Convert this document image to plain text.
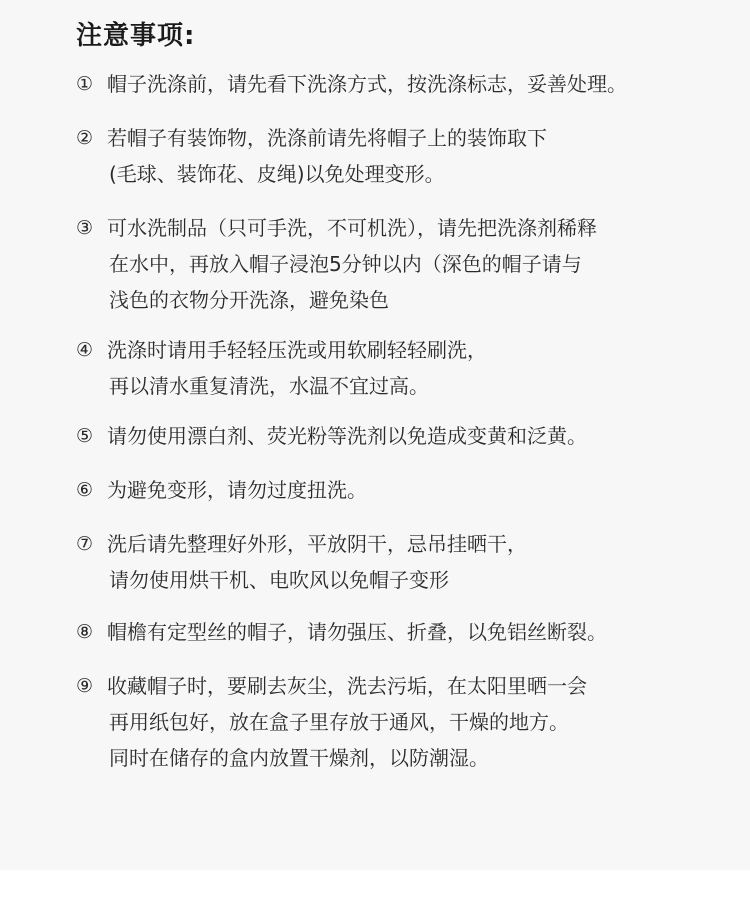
注意事项:
① 帽子洗涤前，请先看下洗涤方式，按洗涤标志，妥善处理。
② 若帽子有装饰物，洗涤前请先将帽子上的装饰取下
(毛球、装饰花、皮绳)以免处理变形。
③ 可水洗制品（只可手洗，不可机洗），请先把洗涤剂稀释
在水中，再放入帽子浸泡5分钟以内（深色的帽子请与
浅色的衣物分开洗涤，避免染色
④ 洗涤时请用手轻轻压洗或用软刷轻轻刷洗，
再以清水重复清洗，水温不宜过高。
⑤ 请勿使用漂白剂、荧光粉等洗剂以免造成变黄和泛黄。
⑥ 为避免变形，请勿过度扭洗。
⑦ 洗后请先整理好外形，平放阴干，忌吊挂晒干，
请勿使用烘干机、电吹风以免帽子变形
⑧ 帽檐有定型丝的帽子，请勿强压、折叠，以免铝丝断裂。
⑨ 收藏帽子时，要刷去灰尘，洗去污垢，在太阳里晒一会
再用纸包好，放在盒子里存放于通风，干燥的地方。
同时在储存的盒内放置干燥剂，以防潮湿。
